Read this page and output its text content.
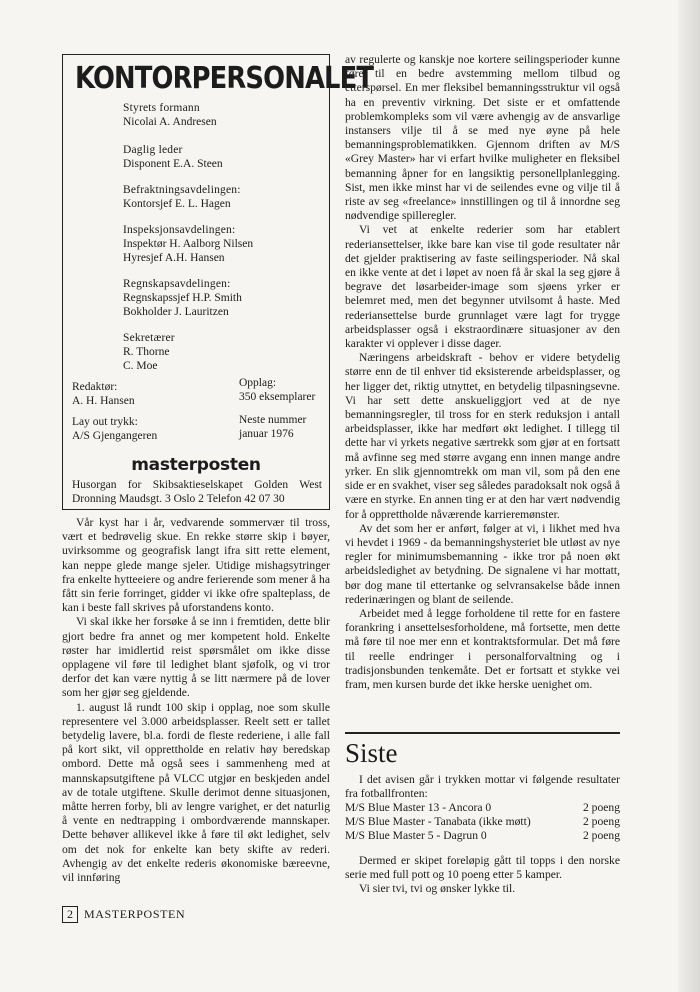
KONTORPERSONALET
Styrets formann
Nicolai A. Andresen
Daglig leder
Disponent E.A. Steen
Befraktningsavdelingen:
Kontorsjef E. L. Hagen
Inspeksjonsavdelingen:
Inspektør H. Aalborg Nilsen
Hyresjef A.H. Hansen
Regnskapsavdelingen:
Regnskapssjef H.P. Smith
Bokholder J. Lauritzen
Sekretærer
R. Thorne
C. Moe
Redaktør:
A. H. Hansen
Opplag:
350 eksemplarer
Lay out trykk:
A/S Gjengangeren
Neste nummer
januar 1976
masterposten
Husorgan for Skibsaktieselskapet Golden West Dronning Maudsgt. 3 Oslo 2 Telefon 42 07 30

Vår kyst har i år, vedvarende sommervær til tross, vært et bedrøvelig skue. En rekke større skip i bøyer, uvirksomme og geografisk langt ifra sitt rette element, kan neppe glede mange sjeler. Utidige mishagsytringer fra enkelte hytteeiere og andre ferierende som mener å ha fått sin ferie forringet, gidder vi ikke ofre spalteplass, de kan i beste fall skrives på uforstandens konto.

Vi skal ikke her forsøke å se inn i fremtiden, dette blir gjort bedre fra annet og mer kompetent hold. Enkelte røster har imidlertid reist spørsmålet om ikke disse opplagene vil føre til ledighet blant sjøfolk, og vi tror derfor det kan være nyttig å se litt nærmere på de lover som her gjør seg gjeldende.

1. august lå rundt 100 skip i opplag, noe som skulle representere vel 3.000 arbeidsplasser. Reelt sett er tallet betydelig lavere, bl.a. fordi de fleste rederiene, i alle fall på kort sikt, vil opprettholde en relativ høy beredskap ombord. Dette må også sees i sammenheng med at mannskapsutgiftene på VLCC utgjør en beskjeden andel av de totale utgiftene. Skulle derimot denne situasjonen, måtte herren forby, bli av lengre varighet, er det naturlig å vente en nedtrapping i ombordværende mannskaper. Dette behøver allikevel ikke å føre til økt ledighet, selv om det nok for enkelte kan bety skifte av rederi. Avhengig av det enkelte rederis økonomiske bæreevne, vil innføring

av regulerte og kanskje noe kortere seilingsperioder kunne føre til en bedre avstemming mellom tilbud og etterspørsel. En mer fleksibel bemanningsstruktur vil også ha en preventiv virkning. Det siste er et omfattende problemkompleks som vil være avhengig av de ansvarlige instansers vilje til å se med nye øyne på hele bemanningsproblematikken. Gjennom driften av M/S «Grey Master» har vi erfart hvilke muligheter en fleksibel bemanning åpner for en langsiktig personellplanlegging. Sist, men ikke minst har vi de seilendes evne og vilje til å riste av seg «freelance» innstillingen og til å innordne seg nødvendige spilleregler.

Vi vet at enkelte rederier som har etablert rederiansettelser, ikke bare kan vise til gode resultater når det gjelder praktisering av faste seilingsperioder. Nå skal en ikke vente at det i løpet av noen få år skal la seg gjøre å begrave det løsarbeider-image som sjøens yrker er belemret med, men det begynner utvilsomt å haste. Med rederiansettelse burde grunnlaget være lagt for trygge arbeidsplasser også i ekstraordinære situasjoner av den karakter vi opplever i disse dager.

Næringens arbeidskraft - behov er videre betydelig større enn de til enhver tid eksisterende arbeidsplasser, og her ligger det, riktig utnyttet, en betydelig tilpasningsevne. Vi har sett dette anskueliggjort ved at de nye bemanningsregler, til tross for en sterk reduksjon i antall arbeidsplasser, ikke har medført økt ledighet. I tillegg til dette har vi yrkets negative særtrekk som gjør at en fortsatt må avfinne seg med større avgang enn innen mange andre yrker. En slik gjennomtrekk om man vil, som på den ene side er en svakhet, viser seg således paradoksalt nok også å være en styrke. En annen ting er at den har vært nødvendig for å opprettholde nåværende karrieremønster.

Av det som her er anført, følger at vi, i likhet med hva vi hevdet i 1969 - da bemanningshysteriet ble utløst av nye regler for minimumsbemanning - ikke tror på noen økt arbeidsledighet av betydning. De signalene vi har mottatt, bør dog mane til ettertanke og selvransakelse både innen rederinæringen og blant de seilende.

Arbeidet med å legge forholdene til rette for en fastere forankring i ansettelsesforholdene, må fortsette, men dette må føre til noe mer enn et kontraktsformular. Det må føre til reelle endringer i personalforvaltning og i tradisjonsbunden tenkemåte. Det er fortsatt et stykke vei fram, men kursen burde det ikke herske uenighet om.

Siste

I det avisen går i trykken mottar vi følgende resultater fra fotballfronten:

M/S Blue Master 13 - Ancora 0	2 poeng
M/S Blue Master - Tanabata (ikke møtt)	2 poeng
M/S Blue Master 5 - Dagrun 0	2 poeng

Dermed er skipet foreløpig gått til topps i den norske serie med full pott og 10 poeng etter 5 kamper.

Vi sier tvi, tvi og ønsker lykke til.

2 MASTERPOSTEN
